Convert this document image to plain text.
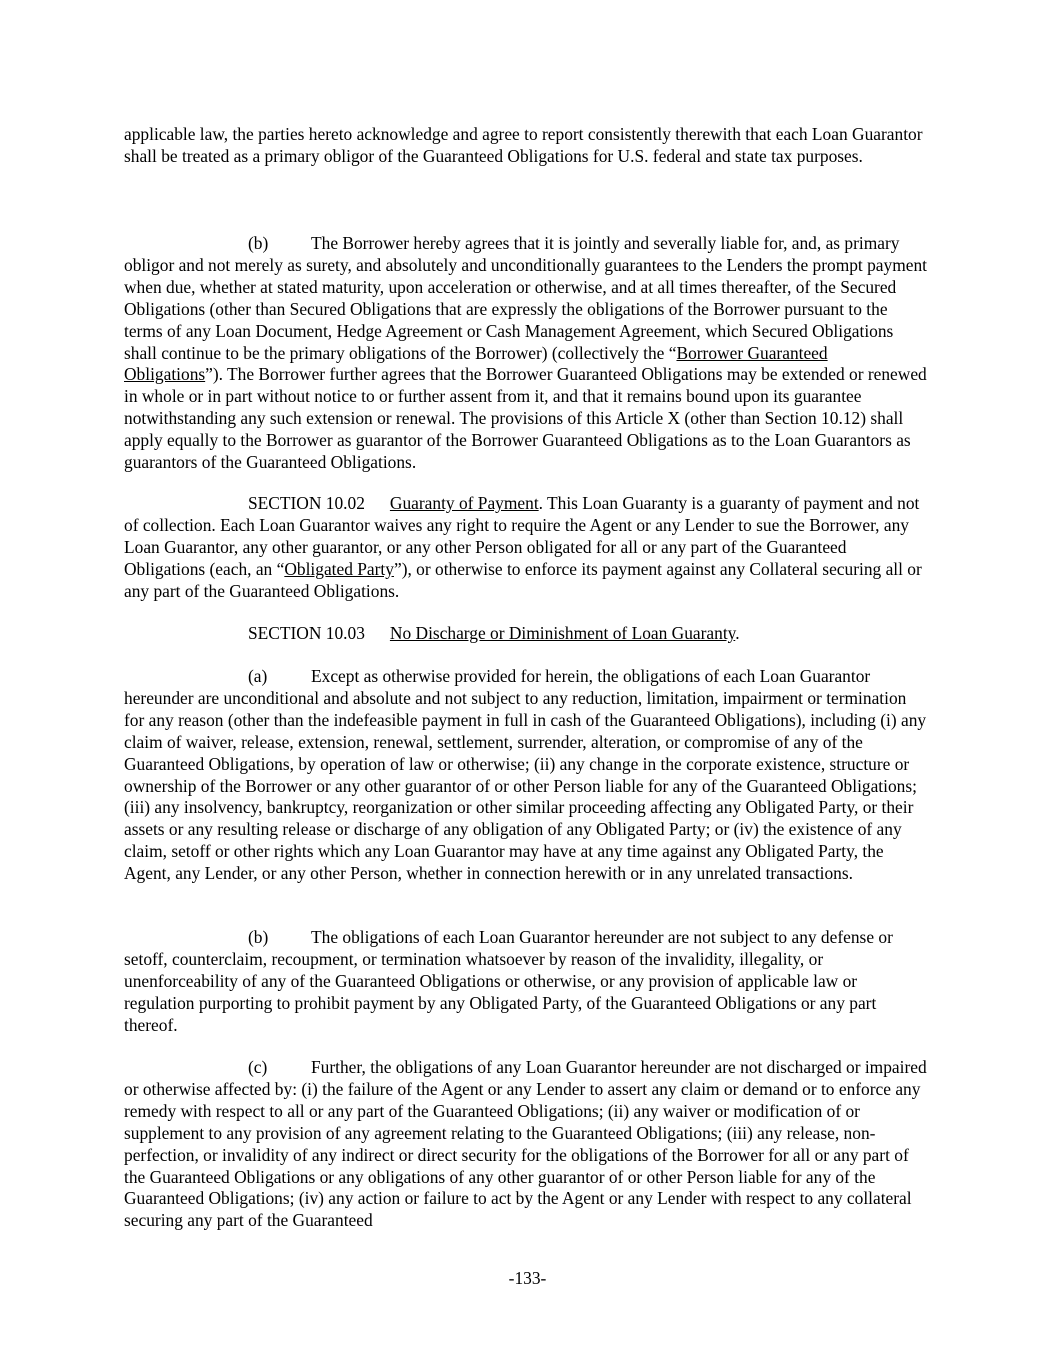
applicable law, the parties hereto acknowledge and agree to report consistently therewith that each Loan Guarantor shall be treated as a primary obligor of the Guaranteed Obligations for U.S. federal and state tax purposes.

(b) The Borrower hereby agrees that it is jointly and severally liable for, and, as primary obligor and not merely as surety, and absolutely and unconditionally guarantees to the Lenders the prompt payment when due, whether at stated maturity, upon acceleration or otherwise, and at all times thereafter, of the Secured Obligations (other than Secured Obligations that are expressly the obligations of the Borrower pursuant to the terms of any Loan Document, Hedge Agreement or Cash Management Agreement, which Secured Obligations shall continue to be the primary obligations of the Borrower) (collectively the “Borrower Guaranteed Obligations”). The Borrower further agrees that the Borrower Guaranteed Obligations may be extended or renewed in whole or in part without notice to or further assent from it, and that it remains bound upon its guarantee notwithstanding any such extension or renewal. The provisions of this Article X (other than Section 10.12) shall apply equally to the Borrower as guarantor of the Borrower Guaranteed Obligations as to the Loan Guarantors as guarantors of the Guaranteed Obligations.

SECTION 10.02 Guaranty of Payment. This Loan Guaranty is a guaranty of payment and not of collection. Each Loan Guarantor waives any right to require the Agent or any Lender to sue the Borrower, any Loan Guarantor, any other guarantor, or any other Person obligated for all or any part of the Guaranteed Obligations (each, an “Obligated Party”), or otherwise to enforce its payment against any Collateral securing all or any part of the Guaranteed Obligations.

SECTION 10.03 No Discharge or Diminishment of Loan Guaranty.

(a)	Except as otherwise provided for herein, the obligations of each Loan Guarantor hereunder are unconditional and absolute and not subject to any reduction, limitation, impairment or termination for any reason (other than the indefeasible payment in full in cash of the Guaranteed Obligations), including (i) any claim of waiver, release, extension, renewal, settlement, surrender, alteration, or compromise of any of the Guaranteed Obligations, by operation of law or otherwise; (ii) any change in the corporate existence, structure or ownership of the Borrower or any other guarantor of or other Person liable for any of the Guaranteed Obligations; (iii) any insolvency, bankruptcy, reorganization or other similar proceeding affecting any Obligated Party, or their assets or any resulting release or discharge of any obligation of any Obligated Party; or (iv) the existence of any claim, setoff or other rights which any Loan Guarantor may have at any time against any Obligated Party, the Agent, any Lender, or any other Person, whether in connection herewith or in any unrelated transactions.

(b) The obligations of each Loan Guarantor hereunder are not subject to any defense or setoff, counterclaim, recoupment, or termination whatsoever by reason of the invalidity, illegality, or unenforceability of any of the Guaranteed Obligations or otherwise, or any provision of applicable law or regulation purporting to prohibit payment by any Obligated Party, of the Guaranteed Obligations or any part thereof.

(c)	Further, the obligations of any Loan Guarantor hereunder are not discharged or impaired or otherwise affected by: (i) the failure of the Agent or any Lender to assert any claim or demand or to enforce any remedy with respect to all or any part of the Guaranteed Obligations; (ii) any waiver or modification of or supplement to any provision of any agreement relating to the Guaranteed Obligations; (iii) any release, non-perfection, or invalidity of any indirect or direct security for the obligations of the Borrower for all or any part of the Guaranteed Obligations or any obligations of any other guarantor of or other Person liable for any of the Guaranteed Obligations; (iv) any action or failure to act by the Agent or any Lender with respect to any collateral securing any part of the Guaranteed

-133-
